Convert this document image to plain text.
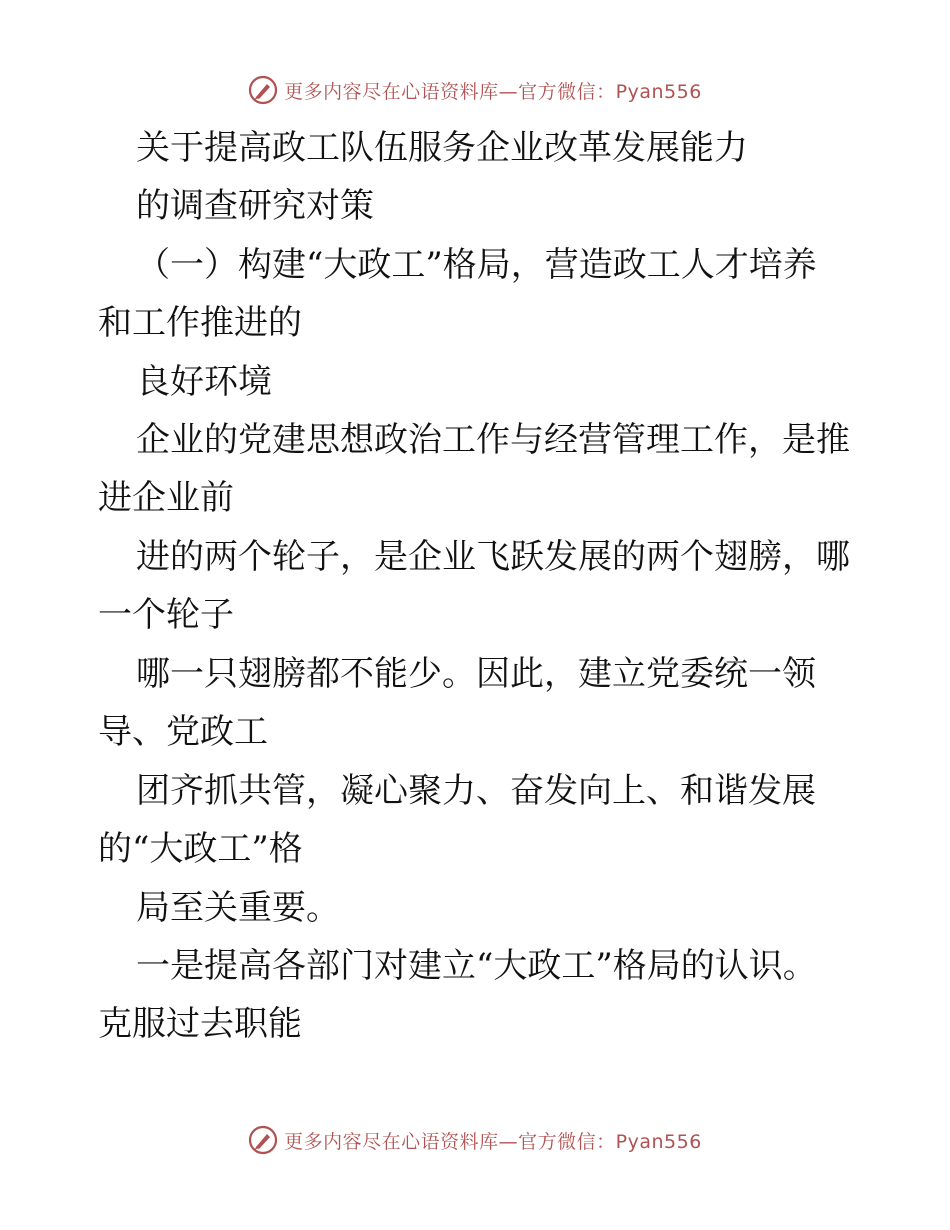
更多内容尽在心语资料库—官方微信：Pyan556
关于提高政工队伍服务企业改革发展能力
的调查研究对策
（一）构建“大政工”格局，营造政工人才培养
和工作推进的
良好环境
企业的党建思想政治工作与经营管理工作，是推
进企业前
进的两个轮子，是企业飞跃发展的两个翅膀，哪
一个轮子
哪一只翅膀都不能少。因此，建立党委统一领
导、党政工
团齐抓共管，凝心聚力、奋发向上、和谐发展
的“大政工”格
局至关重要。
一是提高各部门对建立“大政工”格局的认识。
克服过去职能
更多内容尽在心语资料库—官方微信：Pyan556
